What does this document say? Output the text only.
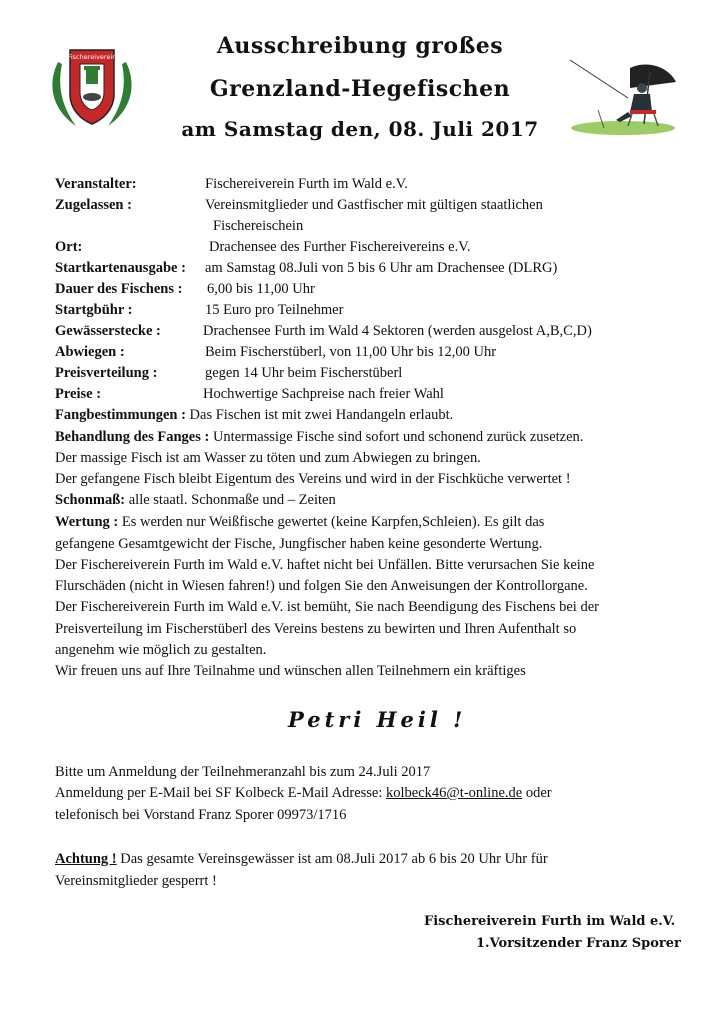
Fischereiverein	Ausschreibung großes
Grenzland-Hegefischen
am Samstag den, 08. Juli 2017
Veranstalter:	Fischereiverein Furth im Wald e.V.
Zugelassen :	Vereinsmitglieder und Gastfischer mit gültigen staatlichen
Fischereischein
Ort:	Drachensee des Further Fischereivereins e.V.
Startkartenausgabe : am Samstag 08.Juli von 5 bis 6 Uhr am Drachensee (DLRG)
Dauer des Fischens : 6,00 bis 11,00 Uhr
Startgbühr :	15 Euro pro Teilnehmer
Gewässerstecke :	Drachensee Furth im Wald 4 Sektoren (werden ausgelost A,B,C,D)
Abwiegen :	Beim Fischerstüberl, von 11,00 Uhr bis 12,00 Uhr
Preisverteilung :	gegen 14 Uhr beim Fischerstüberl
Preise :	Hochwertige Sachpreise nach freier Wahl
Fangbestimmungen : Das Fischen ist mit zwei Handangeln erlaubt.
Behandlung des Fanges : Untermassige Fische sind sofort und schonend zurück zusetzen.
Der massige Fisch ist am Wasser zu töten und zum Abwiegen zu bringen.
Der gefangene Fisch bleibt Eigentum des Vereins und wird in der Fischküche verwertet !
Schonmaß: alle staatl. Schonmaße und – Zeiten
Wertung : Es werden nur Weißfische gewertet (keine Karpfen,Schleien). Es gilt das
gefangene Gesamtgewicht der Fische, Jungfischer haben keine gesonderte Wertung.
Der Fischereiverein Furth im Wald e.V. haftet nicht bei Unfällen. Bitte verursachen Sie keine
Flurschäden (nicht in Wiesen fahren!) und folgen Sie den Anweisungen der Kontrollorgane.
Der Fischereiverein Furth im Wald e.V. ist bemüht, Sie nach Beendigung des Fischens bei der
Preisverteilung im Fischerstüberl des Vereins bestens zu bewirten und Ihren Aufenthalt so
angenehm wie möglich zu gestalten.
Wir freuen uns auf Ihre Teilnahme und wünschen allen Teilnehmern ein kräftiges
Petri Heil !
Bitte um Anmeldung der Teilnehmeranzahl bis zum 24.Juli 2017
Anmeldung per E-Mail bei SF Kolbeck E-Mail Adresse: kolbeck46@t-online.de oder
telefonisch bei Vorstand Franz Sporer 09973/1716
Achtung ! Das gesamte Vereinsgewässer ist am 08.Juli 2017 ab 6 bis 20 Uhr Uhr für
Vereinsmitglieder gesperrt !
Fischereiverein Furth im Wald e.V.
1.Vorsitzender Franz Sporer
